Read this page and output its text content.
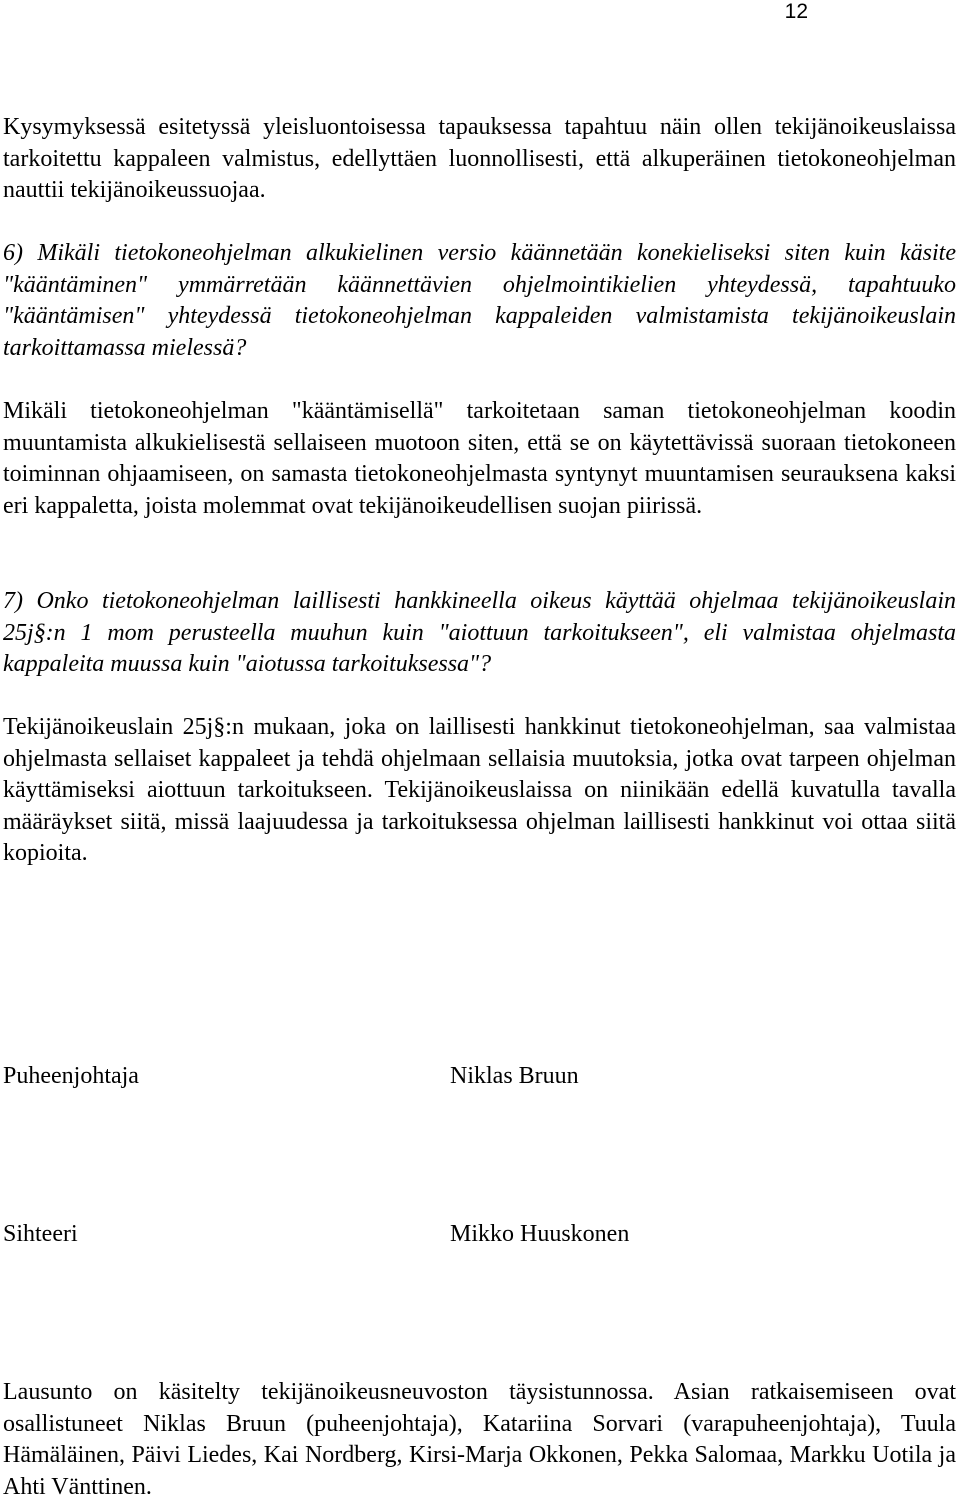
12

Kysymyksessä esitetyssä yleisluontoisessa tapauksessa tapahtuu näin ollen tekijänoikeuslaissa tarkoitettu kappaleen valmistus, edellyttäen luonnollisesti, että alkuperäinen tietokoneohjelman nauttii tekijänoikeussuojaa.

6) Mikäli tietokoneohjelman alkukielinen versio käännetään konekieliseksi siten kuin käsite "kääntäminen" ymmärretään käännettävien ohjelmointikielien yhteydessä, tapahtuuko "kääntämisen" yhteydessä tietokoneohjelman kappaleiden valmistamista tekijänoikeuslain tarkoittamassa mielessä?

Mikäli tietokoneohjelman "kääntämisellä" tarkoitetaan saman tietokoneohjelman koodin muuntamista alkukielisestä sellaiseen muotoon siten, että se on käytettävissä suoraan tietokoneen toiminnan ohjaamiseen, on samasta tietokoneohjelmasta syntynyt muuntamisen seurauksena kaksi eri kappaletta, joista molemmat ovat tekijänoikeudellisen suojan piirissä.

7) Onko tietokoneohjelman laillisesti hankkineella oikeus käyttää ohjelmaa tekijänoikeuslain 25j§:n 1 mom perusteella muuhun kuin "aiottuun tarkoitukseen", eli valmistaa ohjelmasta kappaleita muussa kuin "aiotussa tarkoituksessa"?

Tekijänoikeuslain 25j§:n mukaan, joka on laillisesti hankkinut tietokoneohjelman, saa valmistaa ohjelmasta sellaiset kappaleet ja tehdä ohjelmaan sellaisia muutoksia, jotka ovat tarpeen ohjelman käyttämiseksi aiottuun tarkoitukseen. Tekijänoikeuslaissa on niinikään edellä kuvatulla tavalla määräykset siitä, missä laajuudessa ja tarkoituksessa ohjelman laillisesti hankkinut voi ottaa siitä kopioita.

Puheenjohtaja	Niklas Bruun
Sihteeri	Mikko Huuskonen

Lausunto on käsitelty tekijänoikeusneuvoston täysistunnossa. Asian ratkaisemiseen ovat osallistuneet Niklas Bruun (puheenjohtaja), Katariina Sorvari (varapuheenjohtaja), Tuula Hämäläinen, Päivi Liedes, Kai Nordberg, Kirsi-Marja Okkonen, Pekka Salomaa, Markku Uotila ja Ahti Vänttinen.
